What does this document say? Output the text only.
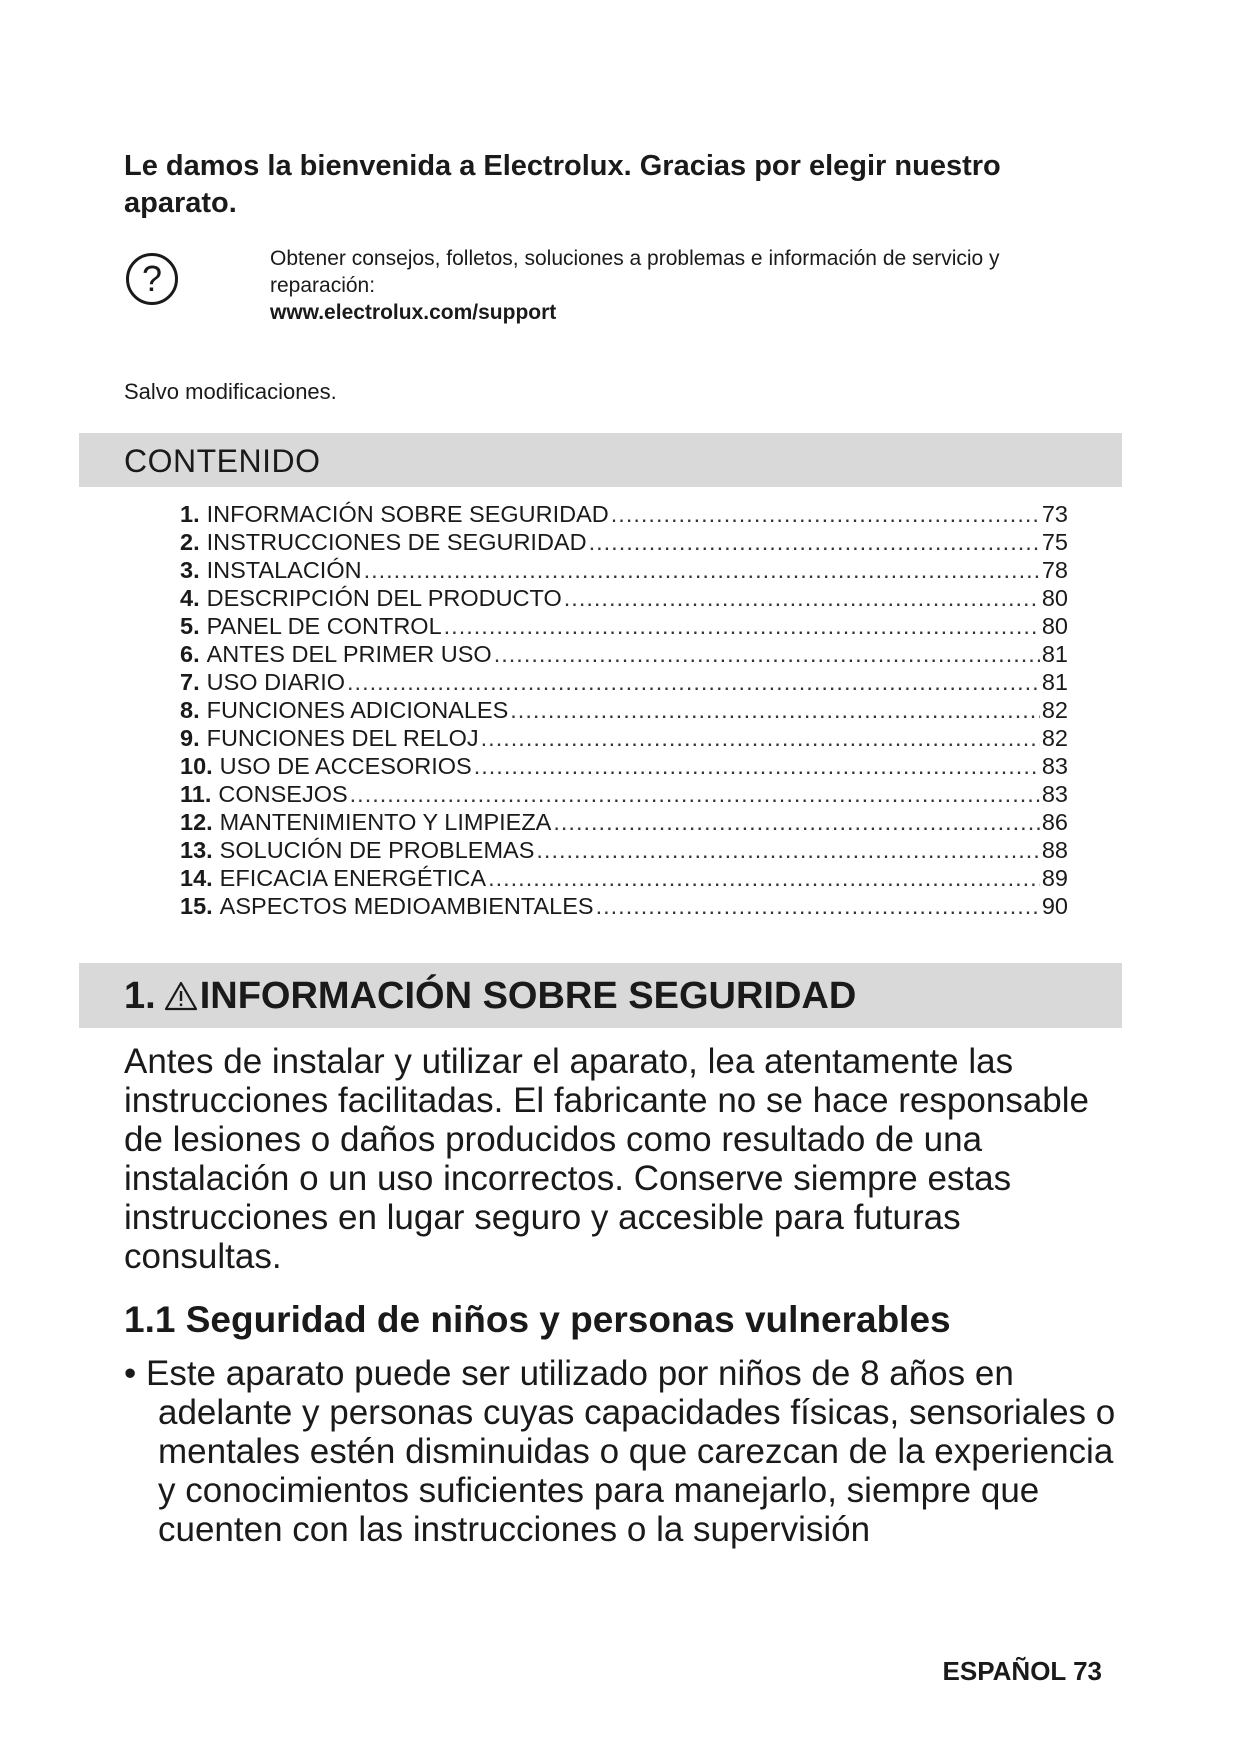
Le damos la bienvenida a Electrolux. Gracias por elegir nuestro aparato.
?	Obtener consejos, folletos, soluciones a problemas e información de servicio y reparación:
www.electrolux.com/support
Salvo modificaciones.
CONTENIDO
1. INFORMACIÓN SOBRE SEGURIDAD .....	73
2. INSTRUCCIONES DE SEGURIDAD .....	75
3. INSTALACIÓN .....	78
4. DESCRIPCIÓN DEL PRODUCTO .....	80
5. PANEL DE CONTROL .....	80
6. ANTES DEL PRIMER USO .....	81
7. USO DIARIO .....	81
8. FUNCIONES ADICIONALES .....	82
9. FUNCIONES DEL RELOJ .....	82
10. USO DE ACCESORIOS .....	83
11. CONSEJOS .....	83
12. MANTENIMIENTO Y LIMPIEZA .....	86
13. SOLUCIÓN DE PROBLEMAS .....	88
14. EFICACIA ENERGÉTICA .....	89
15. ASPECTOS MEDIOAMBIENTALES .....	90
1. INFORMACIÓN SOBRE SEGURIDAD

Antes de instalar y utilizar el aparato, lea atentamente las instrucciones facilitadas. El fabricante no se hace responsable de lesiones o daños producidos como resultado de una instalación o un uso incorrectos. Conserve siempre estas instrucciones en lugar seguro y accesible para futuras consultas.

1.1 Seguridad de niños y personas vulnerables

• Este aparato puede ser utilizado por niños de 8 años en adelante y personas cuyas capacidades físicas, sensoriales o mentales estén disminuidas o que carezcan de la experiencia y conocimientos suficientes para manejarlo, siempre que cuenten con las instrucciones o la supervisión

ESPAÑOL 73
